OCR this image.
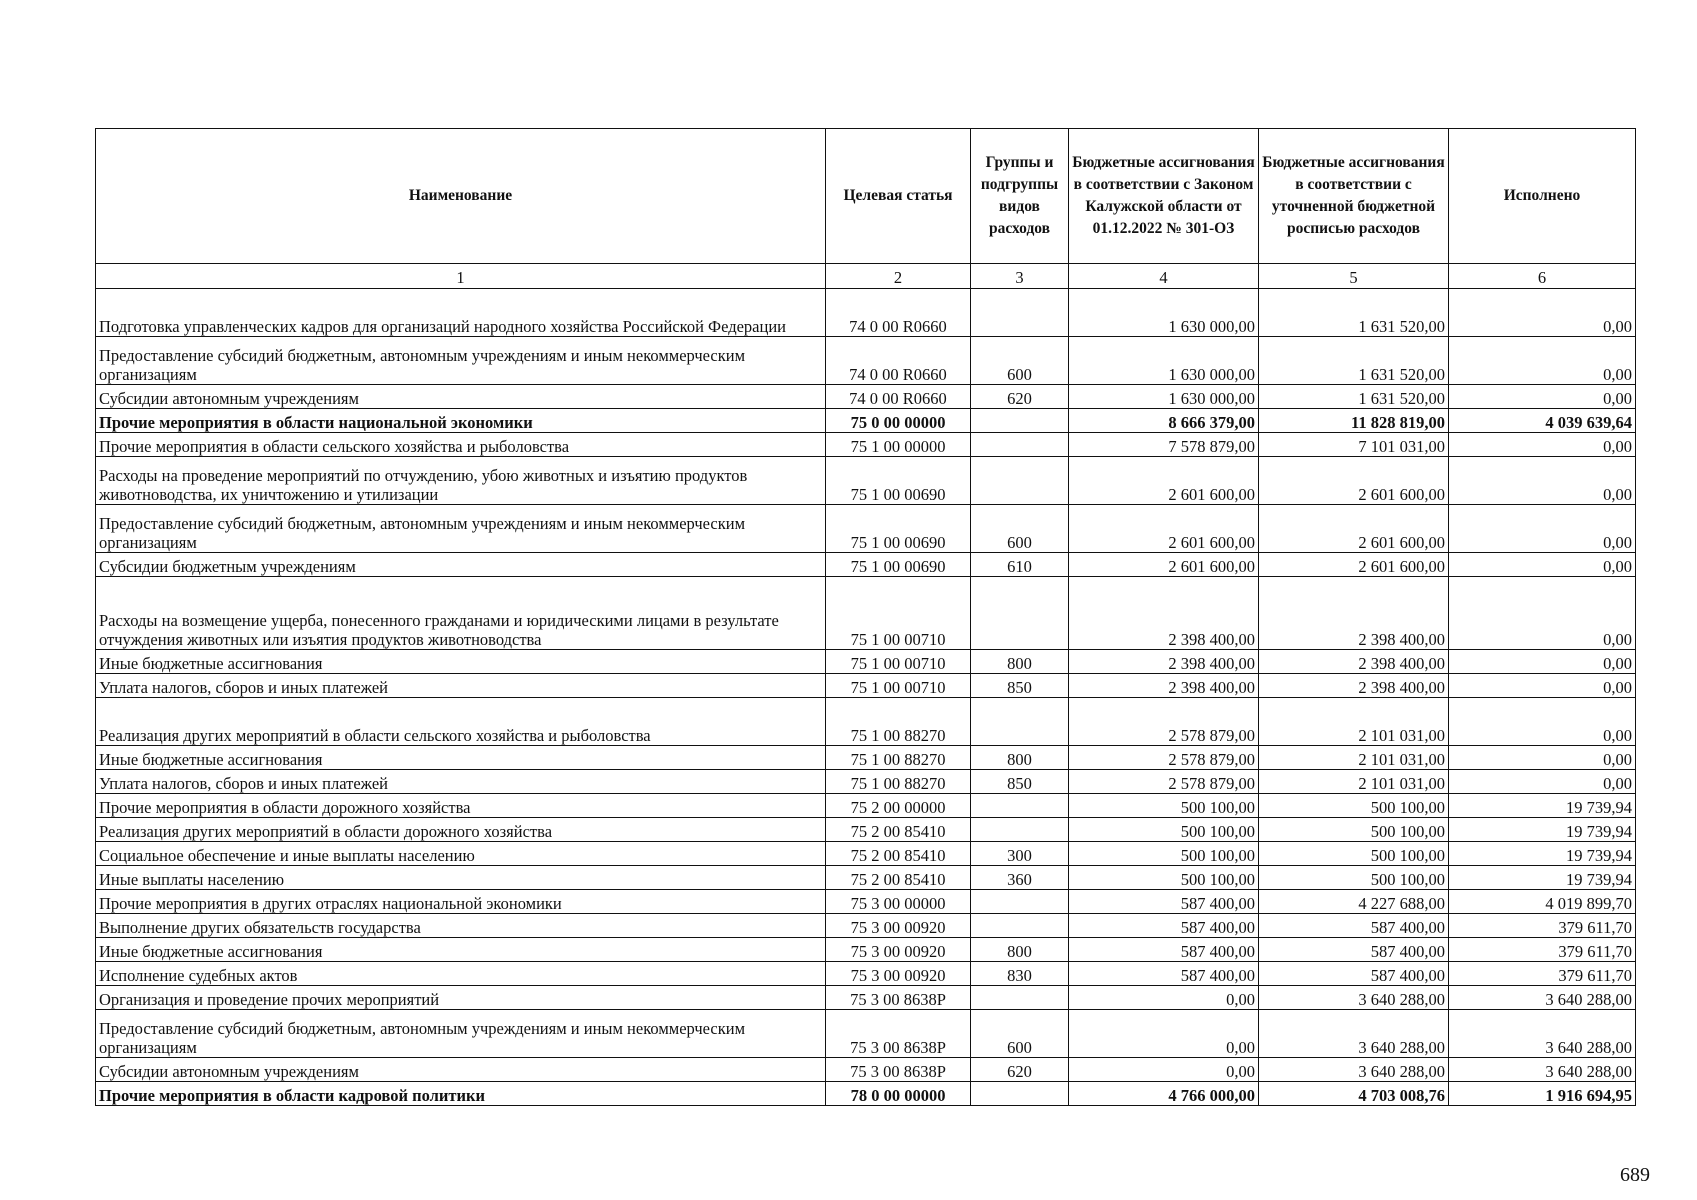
Наименование	Целевая статья	Группы и подгруппы видов расходов	Бюджетные ассигнования в соответствии с Законом Калужской области от 01.12.2022 № 301-ОЗ	Бюджетные ассигнования в соответствии с уточненной бюджетной росписью расходов	Исполнено
1	2	3	4	5	6
Подготовка управленческих кадров для организаций народного хозяйства Российской Федерации	74 0 00 R0660		1 630 000,00	1 631 520,00	0,00
Предоставление субсидий бюджетным, автономным учреждениям и иным некоммерческим организациям	74 0 00 R0660	600	1 630 000,00	1 631 520,00	0,00
Субсидии автономным учреждениям	74 0 00 R0660	620	1 630 000,00	1 631 520,00	0,00
Прочие мероприятия в области национальной экономики	75 0 00 00000		8 666 379,00	11 828 819,00	4 039 639,64
Прочие мероприятия в области сельского хозяйства и рыболовства	75 1 00 00000		7 578 879,00	7 101 031,00	0,00
Расходы на проведение мероприятий по отчуждению, убою животных и изъятию продуктов животноводства, их уничтожению и утилизации	75 1 00 00690		2 601 600,00	2 601 600,00	0,00
Предоставление субсидий бюджетным, автономным учреждениям и иным некоммерческим организациям	75 1 00 00690	600	2 601 600,00	2 601 600,00	0,00
Субсидии бюджетным учреждениям	75 1 00 00690	610	2 601 600,00	2 601 600,00	0,00
Расходы на возмещение ущерба, понесенного гражданами и юридическими лицами в результате отчуждения животных или изъятия продуктов животноводства	75 1 00 00710		2 398 400,00	2 398 400,00	0,00
Иные бюджетные ассигнования	75 1 00 00710	800	2 398 400,00	2 398 400,00	0,00
Уплата налогов, сборов и иных платежей	75 1 00 00710	850	2 398 400,00	2 398 400,00	0,00
Реализация других мероприятий в области сельского хозяйства и рыболовства	75 1 00 88270		2 578 879,00	2 101 031,00	0,00
Иные бюджетные ассигнования	75 1 00 88270	800	2 578 879,00	2 101 031,00	0,00
Уплата налогов, сборов и иных платежей	75 1 00 88270	850	2 578 879,00	2 101 031,00	0,00
Прочие мероприятия в области дорожного хозяйства	75 2 00 00000		500 100,00	500 100,00	19 739,94
Реализация других мероприятий в области дорожного хозяйства	75 2 00 85410		500 100,00	500 100,00	19 739,94
Социальное обеспечение и иные выплаты населению	75 2 00 85410	300	500 100,00	500 100,00	19 739,94
Иные выплаты населению	75 2 00 85410	360	500 100,00	500 100,00	19 739,94
Прочие мероприятия в других отраслях национальной экономики	75 3 00 00000		587 400,00	4 227 688,00	4 019 899,70
Выполнение других обязательств государства	75 3 00 00920		587 400,00	587 400,00	379 611,70
Иные бюджетные ассигнования	75 3 00 00920	800	587 400,00	587 400,00	379 611,70
Исполнение судебных актов	75 3 00 00920	830	587 400,00	587 400,00	379 611,70
Организация и проведение прочих мероприятий	75 3 00 8638Р		0,00	3 640 288,00	3 640 288,00
Предоставление субсидий бюджетным, автономным учреждениям и иным некоммерческим организациям	75 3 00 8638Р	600	0,00	3 640 288,00	3 640 288,00
Субсидии автономным учреждениям	75 3 00 8638Р	620	0,00	3 640 288,00	3 640 288,00
Прочие мероприятия в области кадровой политики	78 0 00 00000		4 766 000,00	4 703 008,76	1 916 694,95
689
